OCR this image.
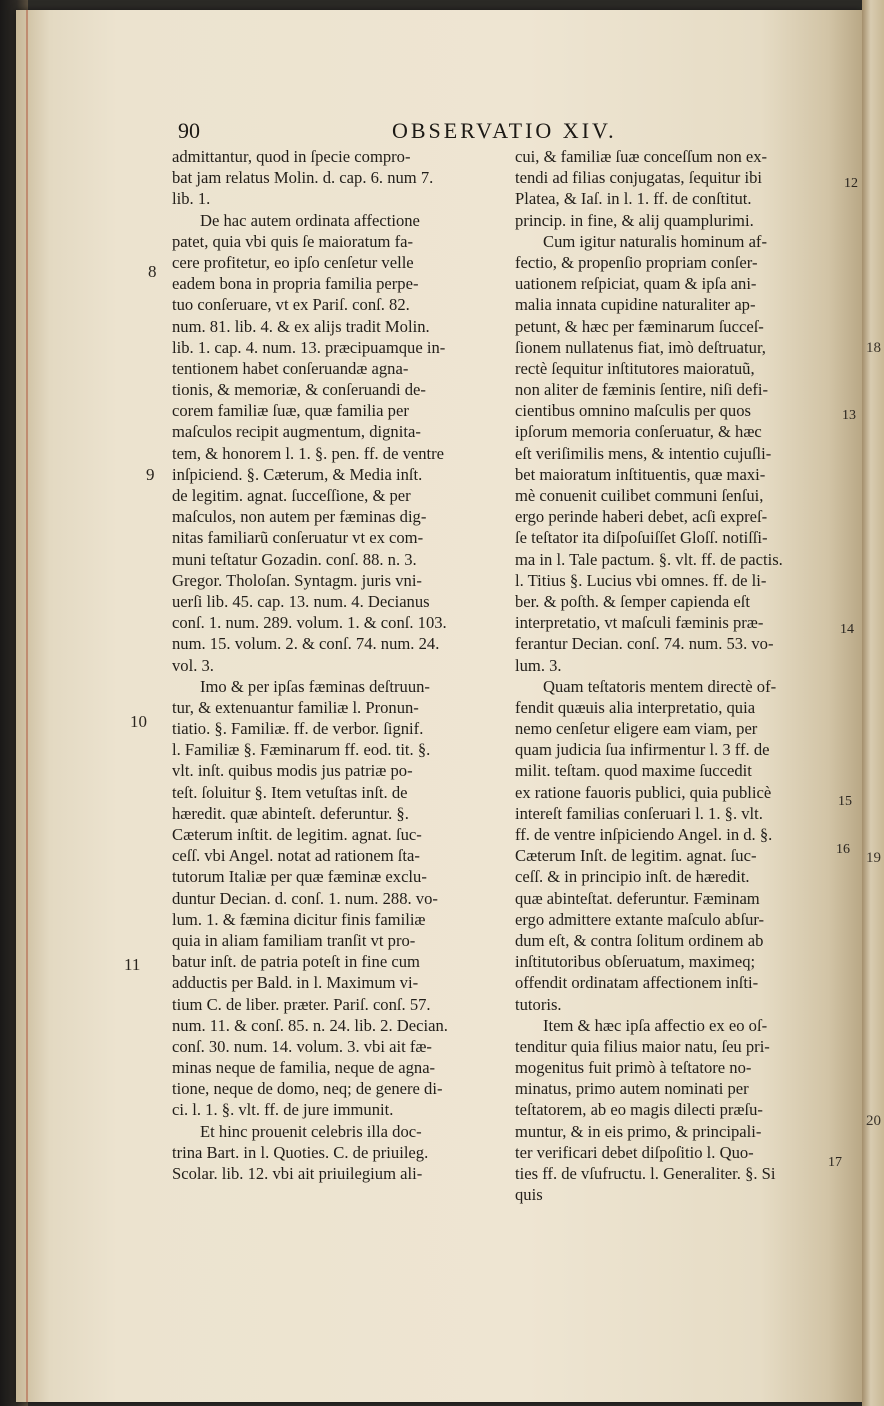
18
19
20
90	OBSERVATIO XIV.
admittantur, quod in ſpecie compro-
bat jam relatus Molin. d. cap. 6. num 7.
lib. 1.
De hac autem ordinata affectione
patet, quia vbi quis ſe maioratum fa-
cere profitetur, eo ipſo cenſetur velle
eadem bona in propria familia perpe-
tuo conſeruare, vt ex Pariſ. conſ. 82.
num. 81. lib. 4. & ex alijs tradit Molin.
lib. 1. cap. 4. num. 13. præcipuamque in-
tentionem habet conſeruandæ agna-
tionis, & memoriæ, & conſeruandi de-
corem familiæ ſuæ, quæ familia per
maſculos recipit augmentum, dignita-
tem, & honorem l. 1. §. pen. ff. de ventre
inſpiciend. §. Cæterum, & Media inſt.
de legitim. agnat. ſucceſſione, & per
maſculos, non autem per fæminas dig-
nitas familiarũ conſeruatur vt ex com-
muni teſtatur Gozadin. conſ. 88. n. 3.
Gregor. Tholoſan. Syntagm. juris vni-
uerſi lib. 45. cap. 13. num. 4. Decianus
conſ. 1. num. 289. volum. 1. & conſ. 103.
num. 15. volum. 2. & conſ. 74. num. 24.
vol. 3.
Imo & per ipſas fæminas deſtruun-
tur, & extenuantur familiæ l. Pronun-
tiatio. §. Familiæ. ff. de verbor. ſignif.
l. Familiæ §. Fæminarum ff. eod. tit. §.
vlt. inſt. quibus modis jus patriæ po-
teſt. ſoluitur §. Item vetuſtas inſt. de
hæredit. quæ abinteſt. deferuntur. §.
Cæterum inſtit. de legitim. agnat. ſuc-
ceſſ. vbi Angel. notat ad rationem ſta-
tutorum Italiæ per quæ fæminæ exclu-
duntur Decian. d. conſ. 1. num. 288. vo-
lum. 1. & fæmina dicitur finis familiæ
quia in aliam familiam tranſit vt pro-
batur inſt. de patria poteſt in fine cum
adductis per Bald. in l. Maximum vi-
tium C. de liber. præter. Pariſ. conſ. 57.
num. 11. & conſ. 85. n. 24. lib. 2. Decian.
conſ. 30. num. 14. volum. 3. vbi ait fæ-
minas neque de familia, neque de agna-
tione, neque de domo, neq; de genere di-
ci. l. 1. §. vlt. ff. de jure immunit.
Et hinc prouenit celebris illa doc-
trina Bart. in l. Quoties. C. de priuileg.
Scolar. lib. 12. vbi ait priuilegium ali-
cui, & familiæ ſuæ conceſſum non ex-
tendi ad filias conjugatas, ſequitur ibi
Platea, & Iaſ. in l. 1. ff. de conſtitut.
princip. in fine, & alij quamplurimi.
Cum igitur naturalis hominum af-
fectio, & propenſio propriam conſer-
uationem reſpiciat, quam & ipſa ani-
malia innata cupidine naturaliter ap-
petunt, & hæc per fæminarum ſucceſ-
ſionem nullatenus fiat, imò deſtruatur,
rectè ſequitur inſtitutores maioratuũ,
non aliter de fæminis ſentire, niſi defi-
cientibus omnino maſculis per quos
ipſorum memoria conſeruatur, & hæc
eſt veriſimilis mens, & intentio cujuſli-
bet maioratum inſtituentis, quæ maxi-
mè conuenit cuilibet communi ſenſui,
ergo perinde haberi debet, acſi expreſ-
ſe teſtator ita diſpoſuiſſet Gloſſ. notiſſi-
ma in l. Tale pactum. §. vlt. ff. de pactis.
l. Titius §. Lucius vbi omnes. ff. de li-
ber. & poſth. & ſemper capienda eſt
interpretatio, vt maſculi fæminis præ-
ferantur Decian. conſ. 74. num. 53. vo-
lum. 3.
Quam teſtatoris mentem directè of-
fendit quæuis alia interpretatio, quia
nemo cenſetur eligere eam viam, per
quam judicia ſua infirmentur l. 3 ff. de
milit. teſtam. quod maxime ſuccedit
ex ratione fauoris publici, quia publicè
intereſt familias conſeruari l. 1. §. vlt.
ff. de ventre inſpiciendo Angel. in d. §.
Cæterum Inſt. de legitim. agnat. ſuc-
ceſſ. & in principio inſt. de hæredit.
quæ abinteſtat. deferuntur. Fæminam
ergo admittere extante maſculo abſur-
dum eſt, & contra ſolitum ordinem ab
inſtitutoribus obſeruatum, maximeq;
offendit ordinatam affectionem inſti-
tutoris.
Item & hæc ipſa affectio ex eo oſ-
tenditur quia filius maior natu, ſeu pri-
mogenitus fuit primò à teſtatore no-
minatus, primo autem nominati per
teſtatorem, ab eo magis dilecti præſu-
muntur, & in eis primo, & principali-
ter verificari debet diſpoſitio l. Quo-
ties ff. de vſufructu. l. Generaliter. §. Si
quis
8
9
10
11
12
13
14
15
16
17
